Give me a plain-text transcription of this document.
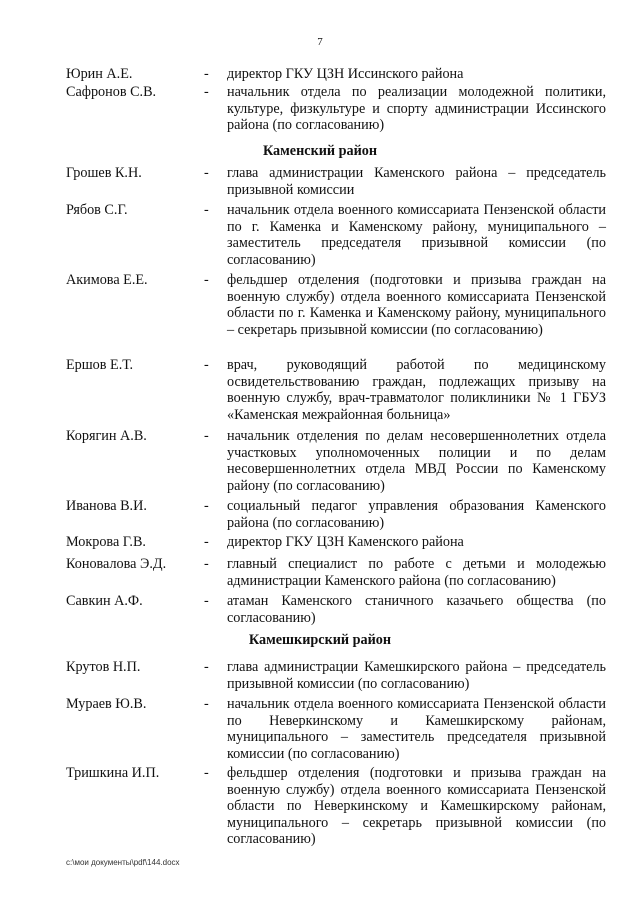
7
Юрин А.Е.	- директор ГКУ ЦЗН Иссинского района
Сафронов С.В.	- начальник отдела по реализации молодежной политики, культуре, физкультуре и спорту администрации Иссинского района (по согласованию)
Каменский район
Грошев К.Н.	- глава администрации Каменского района – председатель призывной комиссии
Рябов С.Г.	- начальник отдела военного комиссариата Пензенской области по г. Каменка и Каменскому району, муниципального – заместитель председателя призывной комиссии (по согласованию)
Акимова Е.Е.	- фельдшер отделения (подготовки и призыва граждан на военную службу) отдела военного комиссариата Пензенской области по г. Каменка и Каменскому району, муниципального – секретарь призывной комиссии (по согласованию)
Ершов Е.Т.	- врач, руководящий работой по медицинскому освидетельствованию граждан, подлежащих призыву на военную службу, врач-травматолог поликлиники № 1 ГБУЗ «Каменская межрайонная больница»
Корягин А.В.	- начальник отделения по делам несовершеннолетних отдела участковых уполномоченных полиции и по делам несовершеннолетних отдела МВД России по Каменскому району (по согласованию)
Иванова В.И.	- социальный педагог управления образования Каменского района (по согласованию)
Мокрова Г.В.	- директор ГКУ ЦЗН Каменского района
Коновалова Э.Д.	- главный специалист по работе с детьми и молодежью администрации Каменского района (по согласованию)
Савкин А.Ф.	- атаман Каменского станичного казачьего общества (по согласованию)
Камешкирский район
Крутов Н.П.	- глава администрации Камешкирского района – председатель призывной комиссии (по согласованию)
Мураев Ю.В.	- начальник отдела военного комиссариата Пензенской области по Неверкинскому и Камешкирскому районам, муниципального – заместитель председателя призывной комиссии (по согласованию)
Тришкина И.П.	- фельдшер отделения (подготовки и призыва граждан на военную службу) отдела военного комиссариата Пензенской области по Неверкинскому и Камешкирскому районам, муниципального – секретарь призывной комиссии (по согласованию)
c:\мои документы\pdf\144.docx
